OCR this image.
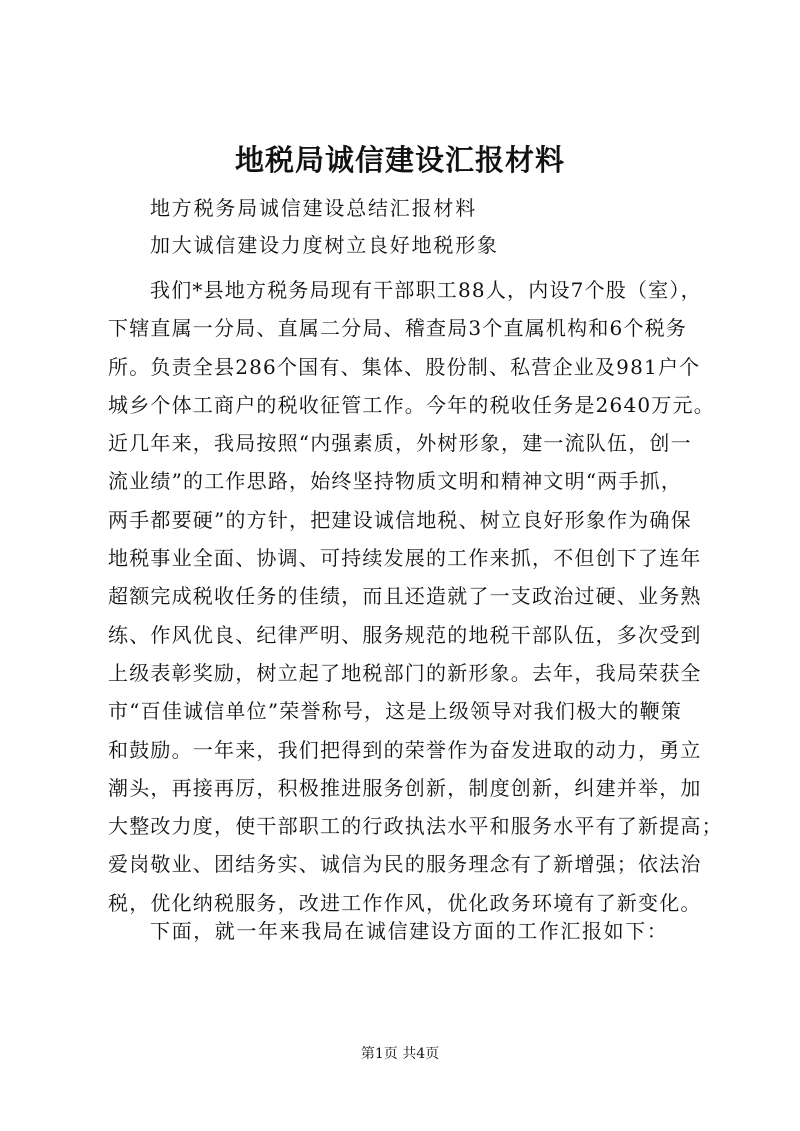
地税局诚信建设汇报材料

地方税务局诚信建设总结汇报材料

加大诚信建设力度树立良好地税形象

我们*县地方税务局现有干部职工88人，内设7个股（室），
下辖直属一分局、直属二分局、稽查局3个直属机构和6个税务
所。负责全县286个国有、集体、股份制、私营企业及981户个
城乡个体工商户的税收征管工作。今年的税收任务是2640万元。
近几年来，我局按照“内强素质，外树形象，建一流队伍，创一
流业绩”的工作思路，始终坚持物质文明和精神文明“两手抓，
两手都要硬”的方针，把建设诚信地税、树立良好形象作为确保
地税事业全面、协调、可持续发展的工作来抓，不但创下了连年
超额完成税收任务的佳绩，而且还造就了一支政治过硬、业务熟
练、作风优良、纪律严明、服务规范的地税干部队伍，多次受到
上级表彰奖励，树立起了地税部门的新形象。去年，我局荣获全
市“百佳诚信单位”荣誉称号，这是上级领导对我们极大的鞭策
和鼓励。一年来，我们把得到的荣誉作为奋发进取的动力，勇立
潮头，再接再厉，积极推进服务创新，制度创新，纠建并举，加
大整改力度，使干部职工的行政执法水平和服务水平有了新提高；
爱岗敬业、团结务实、诚信为民的服务理念有了新增强；依法治
税，优化纳税服务，改进工作作风，优化政务环境有了新变化。

下面，就一年来我局在诚信建设方面的工作汇报如下：

第1页 共4页
